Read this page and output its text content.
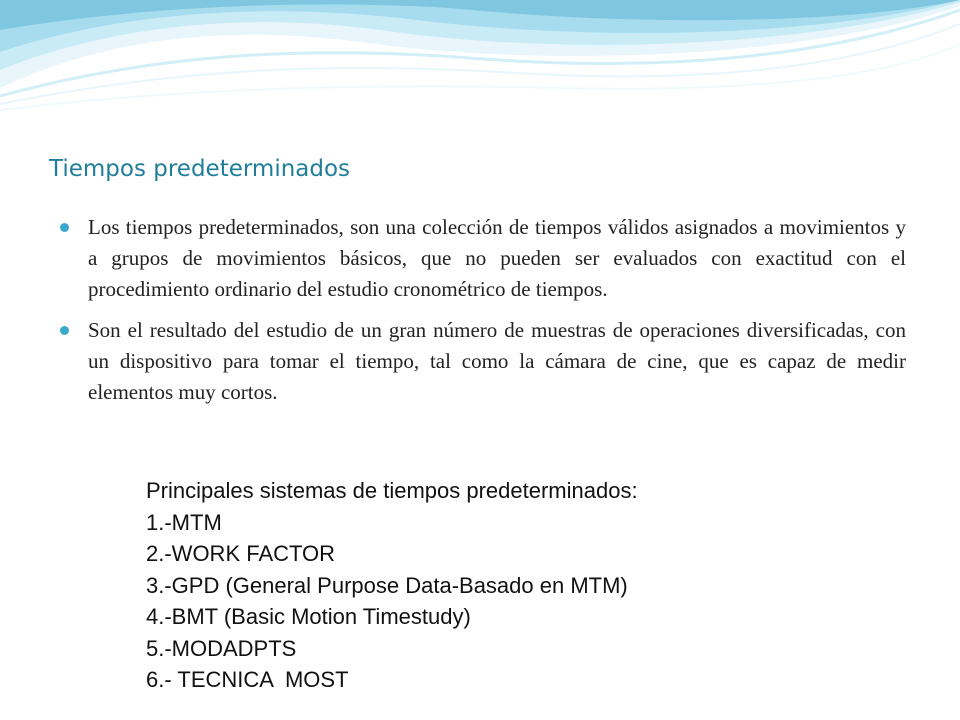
Tiempos predeterminados
Los tiempos predeterminados, son una colección de tiempos válidos asignados a movimientos y a grupos de movimientos básicos, que no pueden ser evaluados con exactitud con el procedimiento ordinario del estudio cronométrico de tiempos.
Son el resultado del estudio de un gran número de muestras de operaciones diversificadas, con un dispositivo para tomar el tiempo, tal como la cámara de cine, que es capaz de medir elementos muy cortos.
Principales sistemas de tiempos predeterminados:
1.-MTM
2.-WORK FACTOR
3.-GPD (General Purpose Data-Basado en MTM)
4.-BMT (Basic Motion Timestudy)
5.-MODADPTS
6.- TECNICA  MOST
